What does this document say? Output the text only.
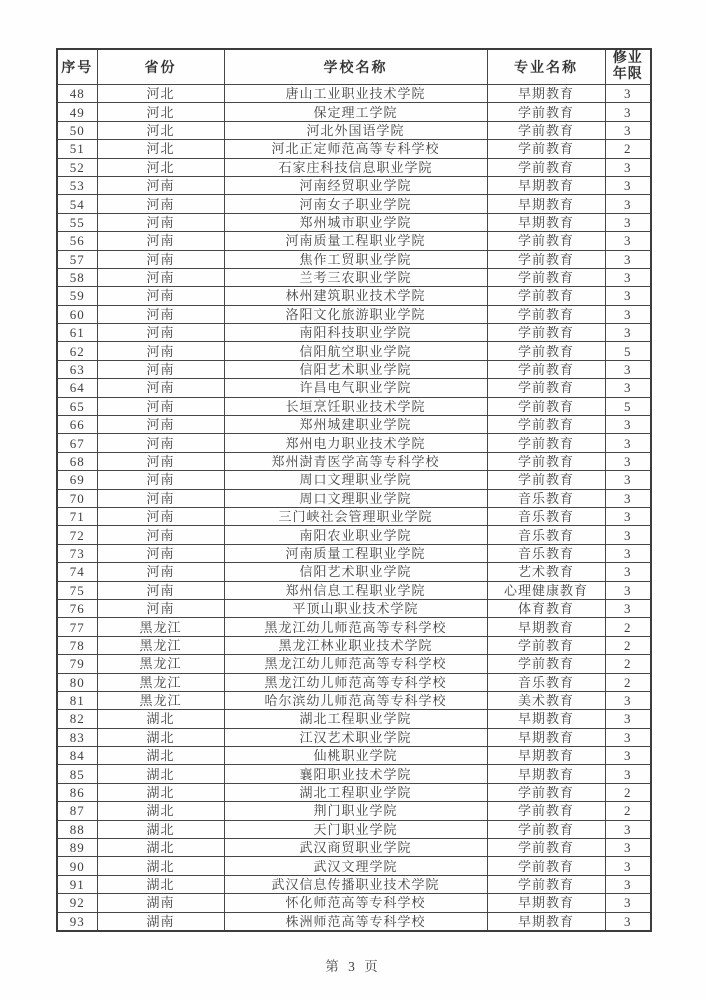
序号	省份	学校名称	专业名称	修业年限
48	河北	唐山工业职业技术学院	早期教育	3
49	河北	保定理工学院	学前教育	3
50	河北	河北外国语学院	学前教育	3
51	河北	河北正定师范高等专科学校	学前教育	2
52	河北	石家庄科技信息职业学院	学前教育	3
53	河南	河南经贸职业学院	早期教育	3
54	河南	河南女子职业学院	早期教育	3
55	河南	郑州城市职业学院	早期教育	3
56	河南	河南质量工程职业学院	学前教育	3
57	河南	焦作工贸职业学院	学前教育	3
58	河南	兰考三农职业学院	学前教育	3
59	河南	林州建筑职业技术学院	学前教育	3
60	河南	洛阳文化旅游职业学院	学前教育	3
61	河南	南阳科技职业学院	学前教育	3
62	河南	信阳航空职业学院	学前教育	5
63	河南	信阳艺术职业学院	学前教育	3
64	河南	许昌电气职业学院	学前教育	3
65	河南	长垣烹饪职业技术学院	学前教育	5
66	河南	郑州城建职业学院	学前教育	3
67	河南	郑州电力职业技术学院	学前教育	3
68	河南	郑州澍青医学高等专科学校	学前教育	3
69	河南	周口文理职业学院	学前教育	3
70	河南	周口文理职业学院	音乐教育	3
71	河南	三门峡社会管理职业学院	音乐教育	3
72	河南	南阳农业职业学院	音乐教育	3
73	河南	河南质量工程职业学院	音乐教育	3
74	河南	信阳艺术职业学院	艺术教育	3
75	河南	郑州信息工程职业学院	心理健康教育	3
76	河南	平顶山职业技术学院	体育教育	3
77	黑龙江	黑龙江幼儿师范高等专科学校	早期教育	2
78	黑龙江	黑龙江林业职业技术学院	学前教育	2
79	黑龙江	黑龙江幼儿师范高等专科学校	学前教育	2
80	黑龙江	黑龙江幼儿师范高等专科学校	音乐教育	2
81	黑龙江	哈尔滨幼儿师范高等专科学校	美术教育	3
82	湖北	湖北工程职业学院	早期教育	3
83	湖北	江汉艺术职业学院	早期教育	3
84	湖北	仙桃职业学院	早期教育	3
85	湖北	襄阳职业技术学院	早期教育	3
86	湖北	湖北工程职业学院	学前教育	2
87	湖北	荆门职业学院	学前教育	2
88	湖北	天门职业学院	学前教育	3
89	湖北	武汉商贸职业学院	学前教育	3
90	湖北	武汉文理学院	学前教育	3
91	湖北	武汉信息传播职业技术学院	学前教育	3
92	湖南	怀化师范高等专科学校	早期教育	3
93	湖南	株洲师范高等专科学校	早期教育	3
第 3 页
